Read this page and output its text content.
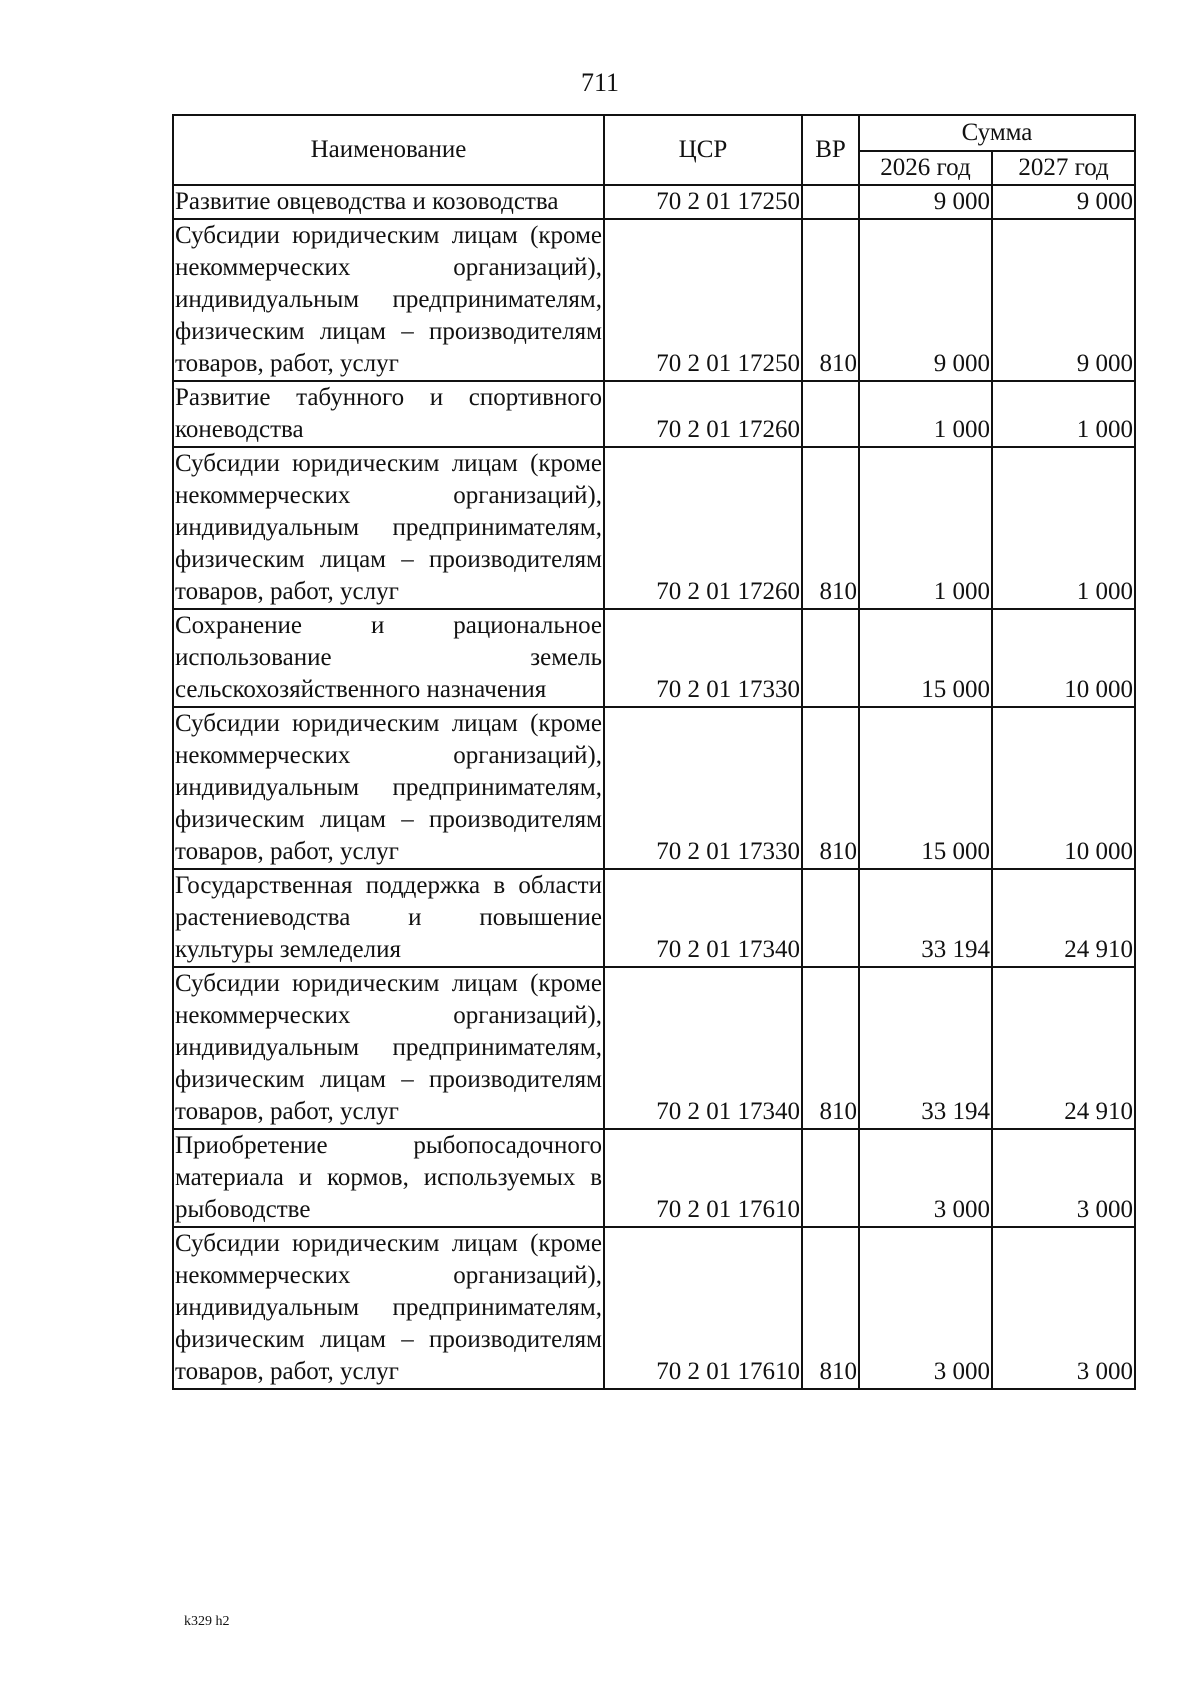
711
Наименование	ЦСР	ВР	Сумма	
			2026 год	2027 год
Развитие овцеводства и козоводства	70 2 01 17250		9 000	9 000
Субсидии юридическим лицам (кроме некоммерческих организаций), индивидуальным предпринимателям, физическим лицам – производителям товаров, работ, услуг	70 2 01 17250	810	9 000	9 000
Развитие табунного и спортивного коневодства	70 2 01 17260		1 000	1 000
Субсидии юридическим лицам (кроме некоммерческих организаций), индивидуальным предпринимателям, физическим лицам – производителям товаров, работ, услуг	70 2 01 17260	810	1 000	1 000
Сохранение и рациональное использование земель сельскохозяйственного назначения	70 2 01 17330		15 000	10 000
Субсидии юридическим лицам (кроме некоммерческих организаций), индивидуальным предпринимателям, физическим лицам – производителям товаров, работ, услуг	70 2 01 17330	810	15 000	10 000
Государственная поддержка в области растениеводства и повышение культуры земледелия	70 2 01 17340		33 194	24 910
Субсидии юридическим лицам (кроме некоммерческих организаций), индивидуальным предпринимателям, физическим лицам – производителям товаров, работ, услуг	70 2 01 17340	810	33 194	24 910
Приобретение рыбопосадочного материала и кормов, используемых в рыбоводстве	70 2 01 17610		3 000	3 000
Субсидии юридическим лицам (кроме некоммерческих организаций), индивидуальным предпринимателям, физическим лицам – производителям товаров, работ, услуг	70 2 01 17610	810	3 000	3 000
k329 h2
